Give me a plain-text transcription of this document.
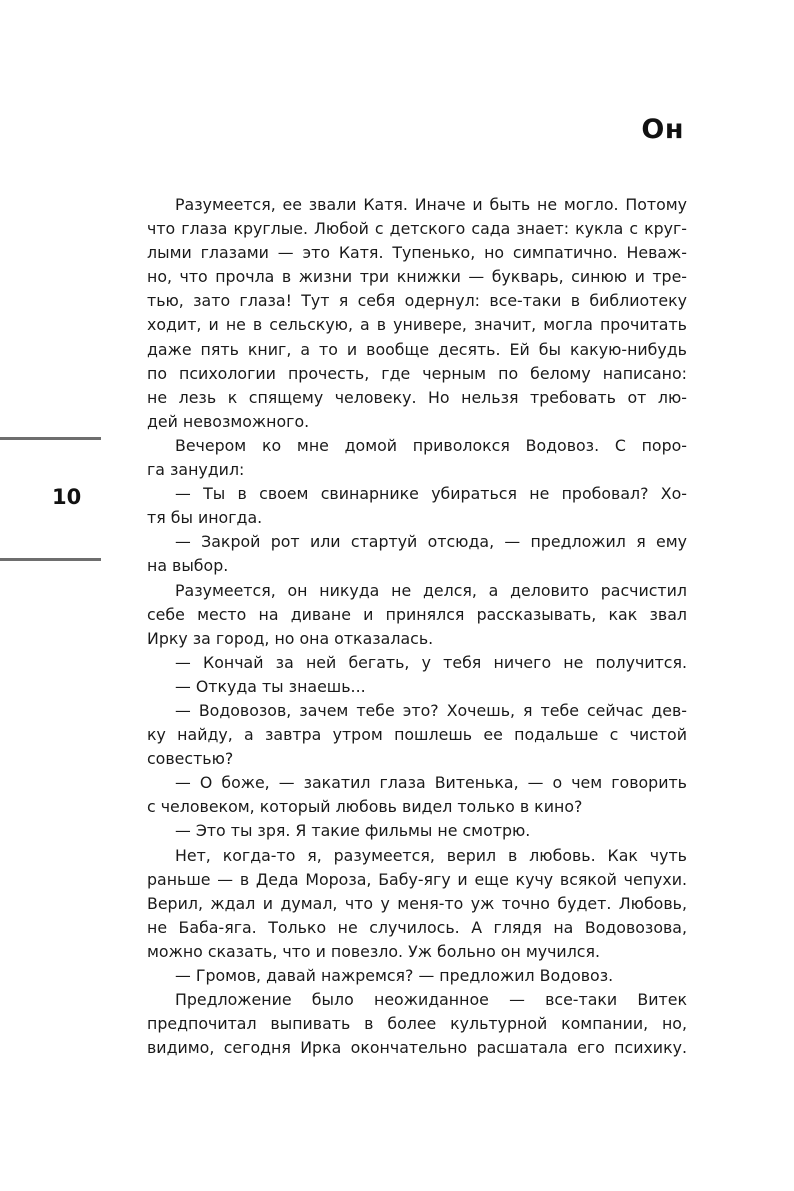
Он
10
Разумеется, ее звали Катя. Иначе и быть не могло. Потому
что глаза круглые. Любой с детского сада знает: кукла с круг-
лыми глазами — это Катя. Тупенько, но симпатично. Неваж-
но, что прочла в жизни три книжки — букварь, синюю и тре-
тью, зато глаза! Тут я себя одернул: все-таки в библиотеку
ходит, и не в сельскую, а в универе, значит, могла прочитать
даже пять книг, а то и вообще десять. Ей бы какую-нибудь
по психологии прочесть, где черным по белому написано:
не лезь к спящему человеку. Но нельзя требовать от лю-
дей невозможного.
Вечером ко мне домой приволокся Водовоз. С поро-
га занудил:
— Ты в своем свинарнике убираться не пробовал? Хо-
тя бы иногда.
— Закрой рот или стартуй отсюда, — предложил я ему
на выбор.
Разумеется, он никуда не делся, а деловито расчистил
себе место на диване и принялся рассказывать, как звал
Ирку за город, но она отказалась.
— Кончай за ней бегать, у тебя ничего не получится.
— Откуда ты знаешь...
— Водовозов, зачем тебе это? Хочешь, я тебе сейчас дев-
ку найду, а завтра утром пошлешь ее подальше с чистой
совестью?
— О боже, — закатил глаза Витенька, — о чем говорить
с человеком, который любовь видел только в кино?
— Это ты зря. Я такие фильмы не смотрю.
Нет, когда-то я, разумеется, верил в любовь. Как чуть
раньше — в Деда Мороза, Бабу-ягу и еще кучу всякой чепухи.
Верил, ждал и думал, что у меня-то уж точно будет. Любовь,
не Баба-яга. Только не случилось. А глядя на Водовозова,
можно сказать, что и повезло. Уж больно он мучился.
— Громов, давай нажремся? — предложил Водовоз.
Предложение было неожиданное — все-таки Витек
предпочитал выпивать в более культурной компании, но,
видимо, сегодня Ирка окончательно расшатала его психику.
